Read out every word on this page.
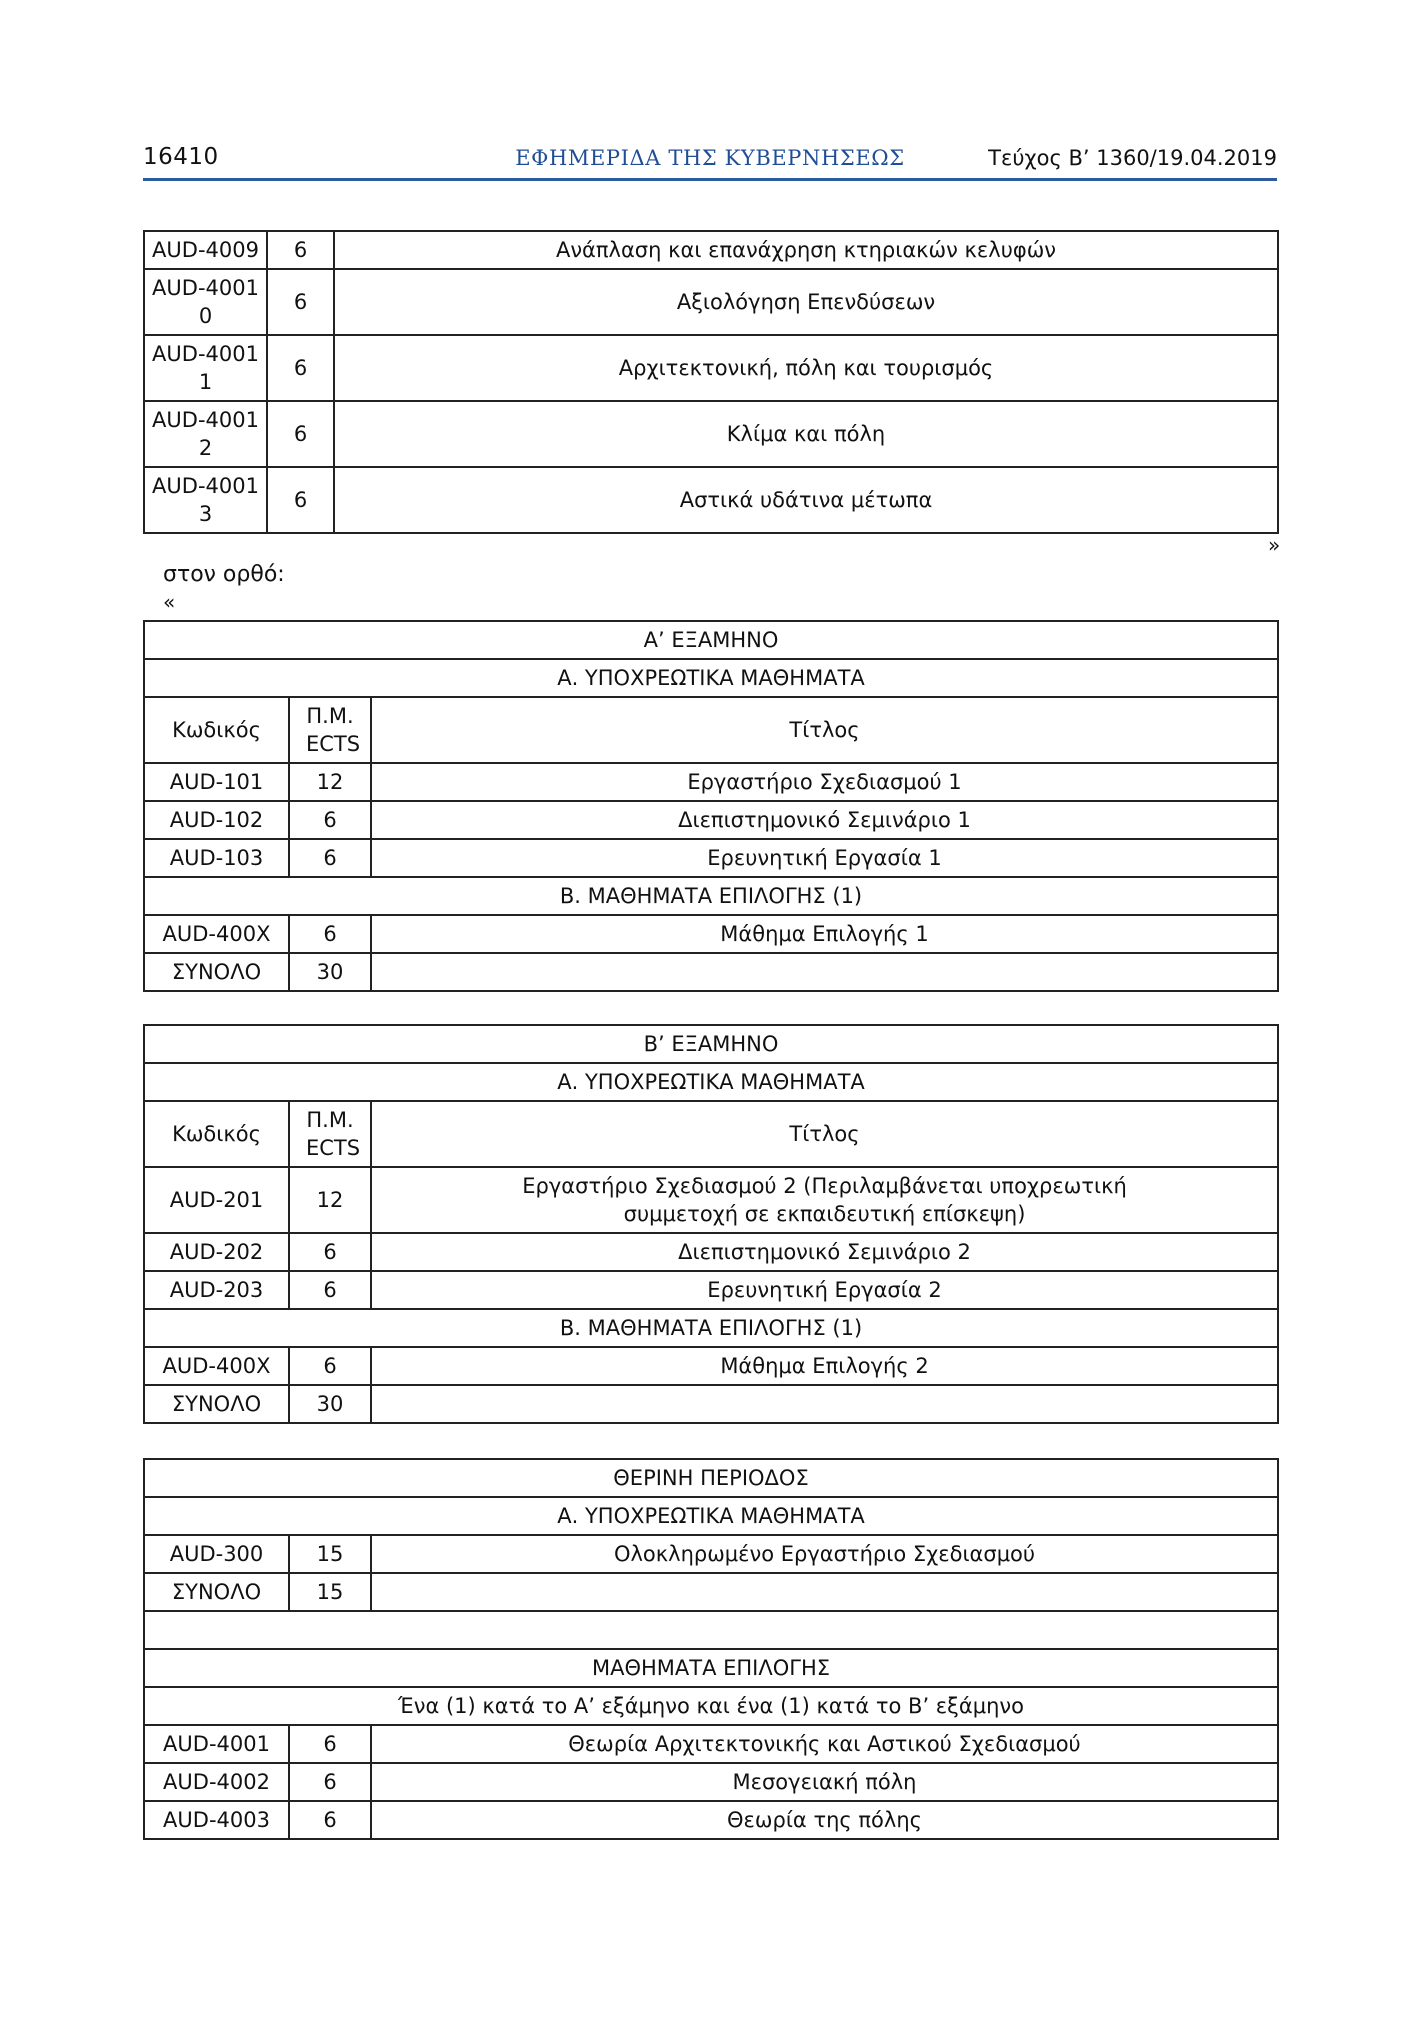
16410	ΕΦΗΜΕΡΙΔΑ ΤΗΣ ΚΥΒΕΡΝΗΣΕΩΣ	Τεύχος Β’ 1360/19.04.2019
AUD-4009	6	Ανάπλαση και επανάχρηση κτηριακών κελυφών
AUD-40010	6	Αξιολόγηση Επενδύσεων
AUD-40011	6	Αρχιτεκτονική, πόλη και τουρισμός
AUD-40012	6	Κλίμα και πόλη
AUD-40013	6	Αστικά υδάτινα μέτωπα
»
στον ορθό:
«
Α’ ΕΞΑΜΗΝΟ		
Α. ΥΠΟΧΡΕΩΤΙΚΑ ΜΑΘΗΜΑΤΑ		
Κωδικός	Π.Μ. ECTS	Τίτλος
AUD-101	12	Εργαστήριο Σχεδιασμού 1
AUD-102	6	Διεπιστημονικό Σεμινάριο 1
AUD-103	6	Ερευνητική Εργασία 1
Β. ΜΑΘΗΜΑΤΑ ΕΠΙΛΟΓΗΣ (1)		
AUD-400X	6	Μάθημα Επιλογής 1
ΣΥΝΟΛΟ	30	
Β’ ΕΞΑΜΗΝΟ		
Α. ΥΠΟΧΡΕΩΤΙΚΑ ΜΑΘΗΜΑΤΑ		
Κωδικός	Π.Μ. ECTS	Τίτλος
AUD-201	12	Εργαστήριο Σχεδιασμού 2 (Περιλαμβάνεται υποχρεωτική συμμετοχή σε εκπαιδευτική επίσκεψη)
AUD-202	6	Διεπιστημονικό Σεμινάριο 2
AUD-203	6	Ερευνητική Εργασία 2
Β. ΜΑΘΗΜΑΤΑ ΕΠΙΛΟΓΗΣ (1)		
AUD-400X	6	Μάθημα Επιλογής 2
ΣΥΝΟΛΟ	30	
ΘΕΡΙΝΗ ΠΕΡΙΟΔΟΣ		
Α. ΥΠΟΧΡΕΩΤΙΚΑ ΜΑΘΗΜΑΤΑ		
AUD-300	15	Ολοκληρωμένο Εργαστήριο Σχεδιασμού
ΣΥΝΟΛΟ	15	

ΜΑΘΗΜΑΤΑ ΕΠΙΛΟΓΗΣ		
Ένα (1) κατά το Α’ εξάμηνο και ένα (1) κατά το Β’ εξάμηνο		
AUD-4001	6	Θεωρία Αρχιτεκτονικής και Αστικού Σχεδιασμού
AUD-4002	6	Μεσογειακή πόλη
AUD-4003	6	Θεωρία της πόλης
